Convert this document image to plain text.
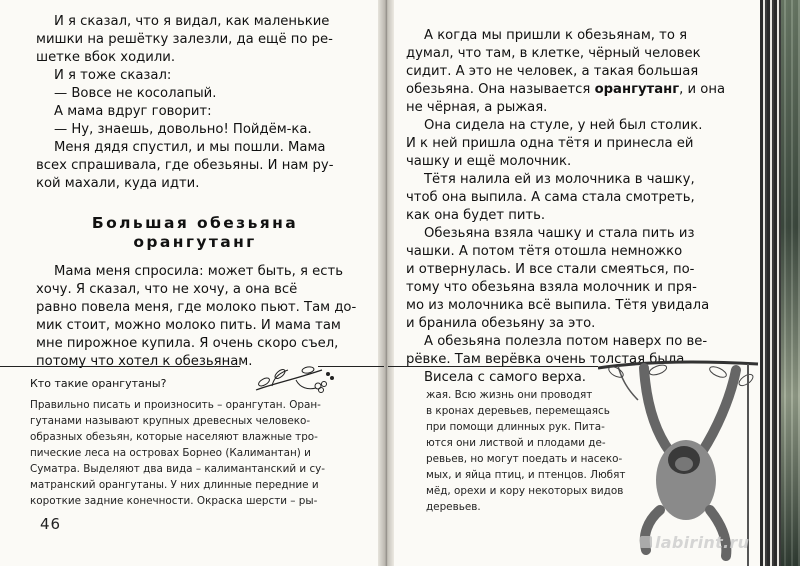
И я сказал, что я видал, как маленькие

мишки на решётку залезли, да ещё по ре-

шетке вбок ходили.

И я тоже сказал:

— Вовсе не косолапый.

А мама вдруг говорит:

— Ну, знаешь, довольно! Пойдём-ка.

Меня дядя спустил, и мы пошли. Мама

всех спрашивала, где обезьяны. И нам ру-

кой махали, куда идти.

Большая обезьяна

орангутанг

Мама меня спросила: может быть, я есть

хочу. Я сказал, что не хочу, а она всё

равно повела меня, где молоко пьют. Там до-

мик стоит, можно молоко пить. И мама там

мне пирожное купила. Я очень скоро съел,

потому что хотел к обезьянам.

Кто такие орангутаны?

Правильно писать и произносить – орангутан. Оран-

гутанами называют крупных древесных человеко-

образных обезьян, которые населяют влажные тро-

пические леса на островах Борнео (Калимантан) и

Суматра. Выделяют два вида – калимантанский и су-

матранский орангутаны. У них длинные передние и

короткие задние конечности. Окраска шерсти – ры-

46

А когда мы пришли к обезьянам, то я

думал, что там, в клетке, чёрный человек

сидит. А это не человек, а такая большая

обезьяна. Она называется орангутанг, и она

не чёрная, а рыжая.

Она сидела на стуле, у ней был столик.

И к ней пришла одна тётя и принесла ей

чашку и ещё молочник.

Тётя налила ей из молочника в чашку,

чтоб она выпила. А сама стала смотреть,

как она будет пить.

Обезьяна взяла чашку и стала пить из

чашки. А потом тётя отошла немножко

и отвернулась. И все стали смеяться, по-

тому что обезьяна взяла молочник и пря-

мо из молочника всё выпила. Тётя увидала

и бранила обезьяну за это.

А обезьяна полезла потом наверх по ве-

рёвке. Там верёвка очень толстая была.

Висела с самого верха.

жая. Всю жизнь они проводят

в кронах деревьев, перемещаясь

при помощи длинных рук. Пита-

ются они листвой и плодами де-

ревьев, но могут поедать и насеко-

мых, и яйца птиц, и птенцов. Любят

мёд, орехи и кору некоторых видов

деревьев.

labirint.ru
